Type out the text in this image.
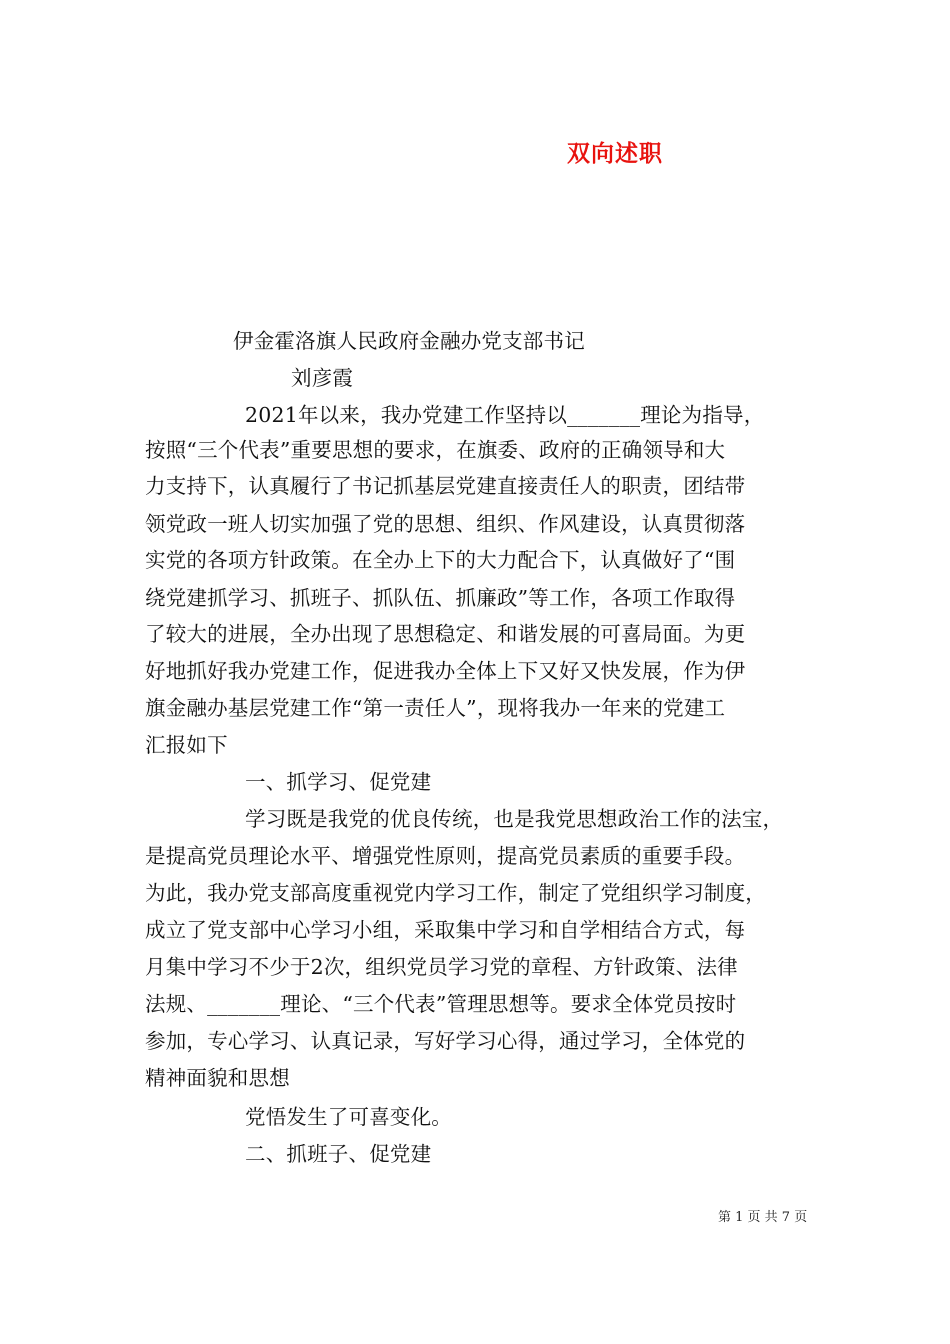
双向述职
伊金霍洛旗人民政府金融办党支部书记
刘彦霞
2021年以来，我办党建工作坚持以_______理论为指导，
按照“三个代表”重要思想的要求，在旗委、政府的正确领导和大
力支持下，认真履行了书记抓基层党建直接责任人的职责，团结带
领党政一班人切实加强了党的思想、组织、作风建设，认真贯彻落
实党的各项方针政策。在全办上下的大力配合下，认真做好了“围
绕党建抓学习、抓班子、抓队伍、抓廉政”等工作，各项工作取得
了较大的进展，全办出现了思想稳定、和谐发展的可喜局面。为更
好地抓好我办党建工作，促进我办全体上下又好又快发展，作为伊
旗金融办基层党建工作“第一责任人”，现将我办一年来的党建工
汇报如下
一、抓学习、促党建
学习既是我党的优良传统，也是我党思想政治工作的法宝，
是提高党员理论水平、增强党性原则，提高党员素质的重要手段。
为此，我办党支部高度重视党内学习工作，制定了党组织学习制度，
成立了党支部中心学习小组，采取集中学习和自学相结合方式，每
月集中学习不少于2次，组织党员学习党的章程、方针政策、法律
法规、_______理论、“三个代表”管理思想等。要求全体党员按时
参加，专心学习、认真记录，写好学习心得，通过学习，全体党的
精神面貌和思想
党悟发生了可喜变化。
二、抓班子、促党建
第 1 页 共 7 页
